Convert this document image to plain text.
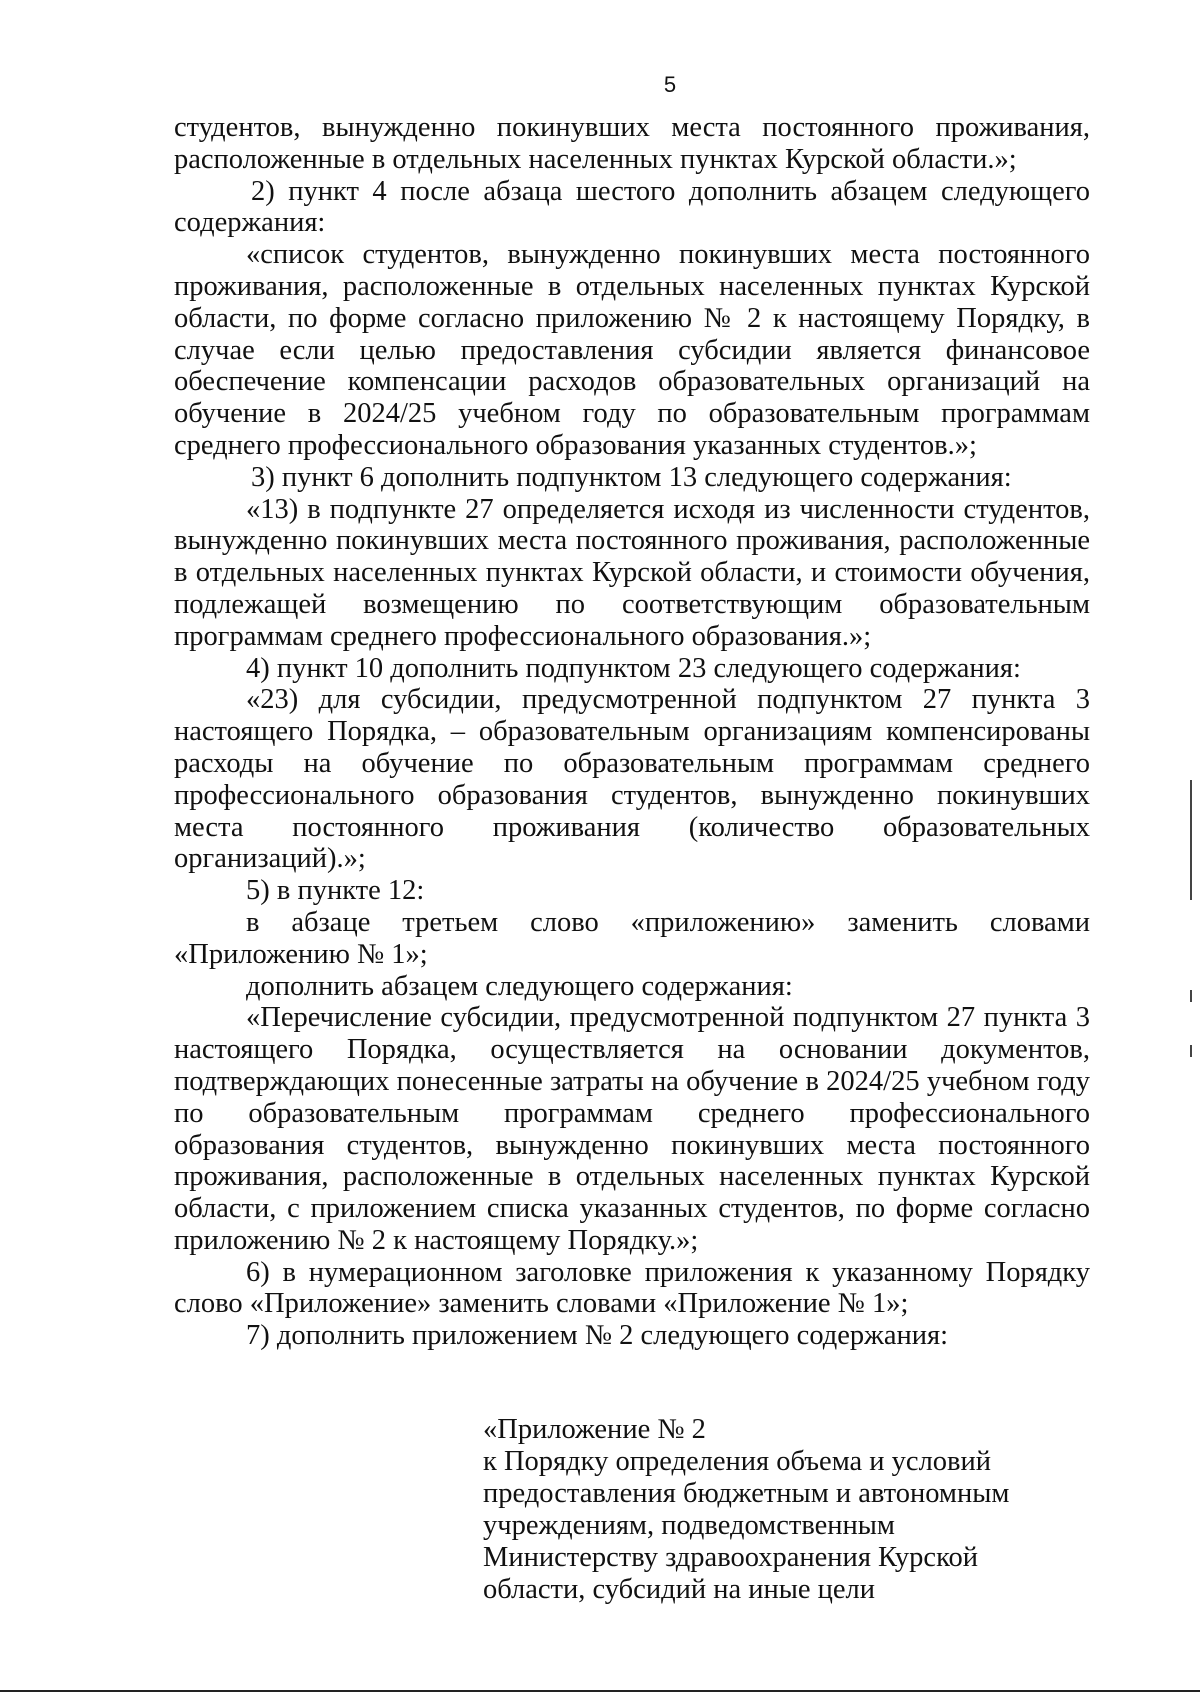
5

студентов, вынужденно покинувших места постоянного проживания, расположенные в отдельных населенных пунктах Курской области.»;

2) пункт 4 после абзаца шестого дополнить абзацем следующего содержания:

«список студентов, вынужденно покинувших места постоянного проживания, расположенные в отдельных населенных пунктах Курской области, по форме согласно приложению № 2 к настоящему Порядку, в случае если целью предоставления субсидии является финансовое обеспечение компенсации расходов образовательных организаций на обучение в 2024/25 учебном году по образовательным программам среднего профессионального образования указанных студентов.»;

3) пункт 6 дополнить подпунктом 13 следующего содержания:

«13) в подпункте 27 определяется исходя из численности студентов, вынужденно покинувших места постоянного проживания, расположенные в отдельных населенных пунктах Курской области, и стоимости обучения, подлежащей возмещению по соответствующим образовательным программам среднего профессионального образования.»;

4) пункт 10 дополнить подпунктом 23 следующего содержания:

«23) для субсидии, предусмотренной подпунктом 27 пункта 3 настоящего Порядка, – образовательным организациям компенсированы расходы на обучение по образовательным программам среднего профессионального образования студентов, вынужденно покинувших места постоянного проживания (количество образовательных организаций).»;

5) в пункте 12:

в абзаце третьем слово «приложению» заменить словами «Приложению № 1»;

дополнить абзацем следующего содержания:

«Перечисление субсидии, предусмотренной подпунктом 27 пункта 3 настоящего Порядка, осуществляется на основании документов, подтверждающих понесенные затраты на обучение в 2024/25 учебном году по образовательным программам среднего профессионального образования студентов, вынужденно покинувших места постоянного проживания, расположенные в отдельных населенных пунктах Курской области, с приложением списка указанных студентов, по форме согласно приложению № 2 к настоящему Порядку.»;

6) в нумерационном заголовке приложения к указанному Порядку слово «Приложение» заменить словами «Приложение № 1»;

7) дополнить приложением № 2 следующего содержания:

«Приложение № 2

к Порядку определения объема и условий

предоставления бюджетным и автономным

учреждениям, подведомственным

Министерству здравоохранения Курской

области, субсидий на иные цели
